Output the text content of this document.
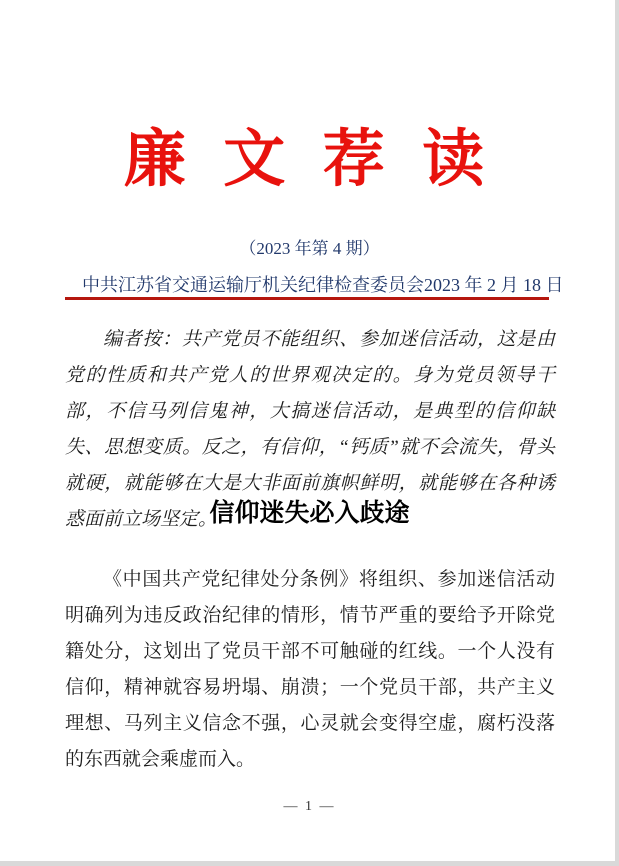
廉 文 荐 读
（2023 年第 4 期）
中共江苏省交通运输厅机关纪律检查委员会 2023 年 2 月 18 日
编者按：共产党员不能组织、参加迷信活动，这是由党的性质和共产党人的世界观决定的。身为党员领导干部，不信马列信鬼神，大搞迷信活动，是典型的信仰缺失、思想变质。反之，有信仰，“钙质”就不会流失，骨头就硬，就能够在大是大非面前旗帜鲜明，就能够在各种诱惑面前立场坚定。
信仰迷失必入歧途
《中国共产党纪律处分条例》将组织、参加迷信活动明确列为违反政治纪律的情形，情节严重的要给予开除党籍处分，这划出了党员干部不可触碰的红线。一个人没有信仰，精神就容易坍塌、崩溃；一个党员干部，共产主义理想、马列主义信念不强，心灵就会变得空虚，腐朽没落的东西就会乘虚而入。
— 1 —
